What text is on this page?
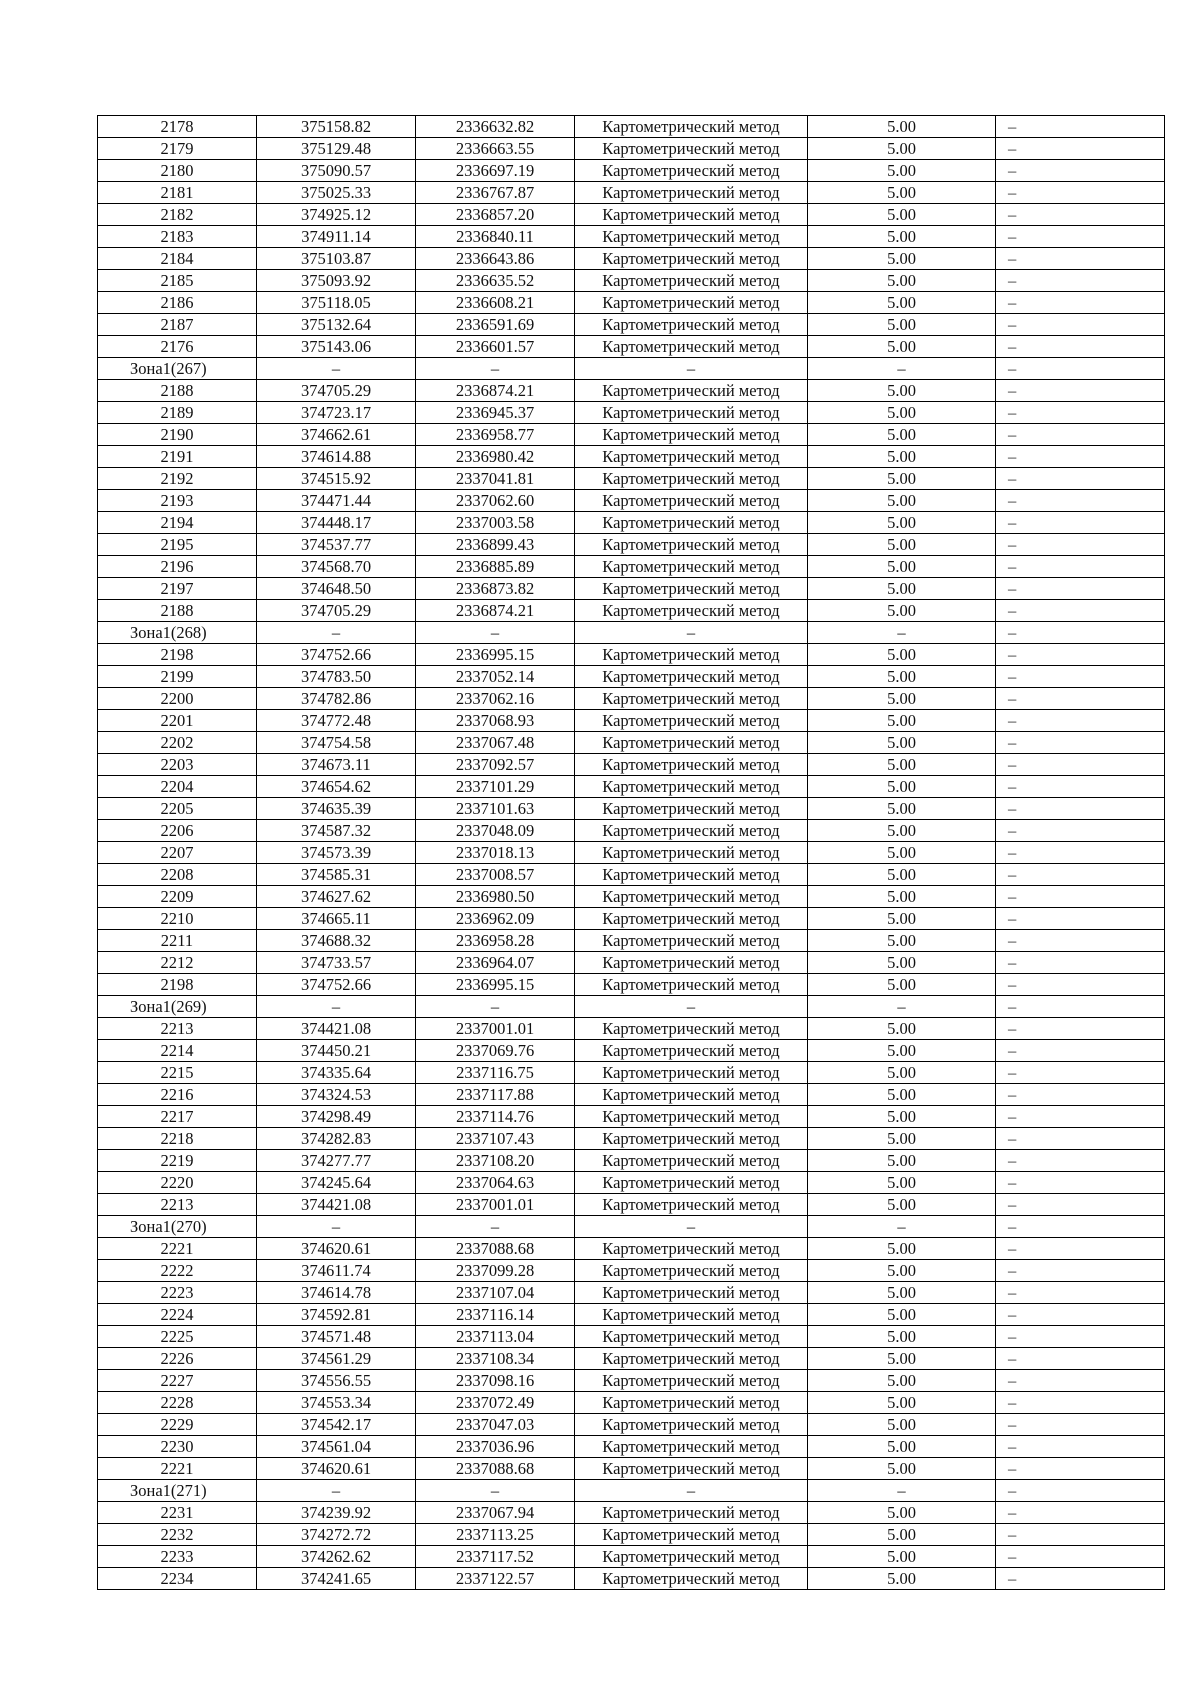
2178	375158.82	2336632.82	Картометрический метод	5.00	–
2179	375129.48	2336663.55	Картометрический метод	5.00	–
2180	375090.57	2336697.19	Картометрический метод	5.00	–
2181	375025.33	2336767.87	Картометрический метод	5.00	–
2182	374925.12	2336857.20	Картометрический метод	5.00	–
2183	374911.14	2336840.11	Картометрический метод	5.00	–
2184	375103.87	2336643.86	Картометрический метод	5.00	–
2185	375093.92	2336635.52	Картометрический метод	5.00	–
2186	375118.05	2336608.21	Картометрический метод	5.00	–
2187	375132.64	2336591.69	Картометрический метод	5.00	–
2176	375143.06	2336601.57	Картометрический метод	5.00	–
Зона1(267)	–	–	–	–	–
2188	374705.29	2336874.21	Картометрический метод	5.00	–
2189	374723.17	2336945.37	Картометрический метод	5.00	–
2190	374662.61	2336958.77	Картометрический метод	5.00	–
2191	374614.88	2336980.42	Картометрический метод	5.00	–
2192	374515.92	2337041.81	Картометрический метод	5.00	–
2193	374471.44	2337062.60	Картометрический метод	5.00	–
2194	374448.17	2337003.58	Картометрический метод	5.00	–
2195	374537.77	2336899.43	Картометрический метод	5.00	–
2196	374568.70	2336885.89	Картометрический метод	5.00	–
2197	374648.50	2336873.82	Картометрический метод	5.00	–
2188	374705.29	2336874.21	Картометрический метод	5.00	–
Зона1(268)	–	–	–	–	–
2198	374752.66	2336995.15	Картометрический метод	5.00	–
2199	374783.50	2337052.14	Картометрический метод	5.00	–
2200	374782.86	2337062.16	Картометрический метод	5.00	–
2201	374772.48	2337068.93	Картометрический метод	5.00	–
2202	374754.58	2337067.48	Картометрический метод	5.00	–
2203	374673.11	2337092.57	Картометрический метод	5.00	–
2204	374654.62	2337101.29	Картометрический метод	5.00	–
2205	374635.39	2337101.63	Картометрический метод	5.00	–
2206	374587.32	2337048.09	Картометрический метод	5.00	–
2207	374573.39	2337018.13	Картометрический метод	5.00	–
2208	374585.31	2337008.57	Картометрический метод	5.00	–
2209	374627.62	2336980.50	Картометрический метод	5.00	–
2210	374665.11	2336962.09	Картометрический метод	5.00	–
2211	374688.32	2336958.28	Картометрический метод	5.00	–
2212	374733.57	2336964.07	Картометрический метод	5.00	–
2198	374752.66	2336995.15	Картометрический метод	5.00	–
Зона1(269)	–	–	–	–	–
2213	374421.08	2337001.01	Картометрический метод	5.00	–
2214	374450.21	2337069.76	Картометрический метод	5.00	–
2215	374335.64	2337116.75	Картометрический метод	5.00	–
2216	374324.53	2337117.88	Картометрический метод	5.00	–
2217	374298.49	2337114.76	Картометрический метод	5.00	–
2218	374282.83	2337107.43	Картометрический метод	5.00	–
2219	374277.77	2337108.20	Картометрический метод	5.00	–
2220	374245.64	2337064.63	Картометрический метод	5.00	–
2213	374421.08	2337001.01	Картометрический метод	5.00	–
Зона1(270)	–	–	–	–	–
2221	374620.61	2337088.68	Картометрический метод	5.00	–
2222	374611.74	2337099.28	Картометрический метод	5.00	–
2223	374614.78	2337107.04	Картометрический метод	5.00	–
2224	374592.81	2337116.14	Картометрический метод	5.00	–
2225	374571.48	2337113.04	Картометрический метод	5.00	–
2226	374561.29	2337108.34	Картометрический метод	5.00	–
2227	374556.55	2337098.16	Картометрический метод	5.00	–
2228	374553.34	2337072.49	Картометрический метод	5.00	–
2229	374542.17	2337047.03	Картометрический метод	5.00	–
2230	374561.04	2337036.96	Картометрический метод	5.00	–
2221	374620.61	2337088.68	Картометрический метод	5.00	–
Зона1(271)	–	–	–	–	–
2231	374239.92	2337067.94	Картометрический метод	5.00	–
2232	374272.72	2337113.25	Картометрический метод	5.00	–
2233	374262.62	2337117.52	Картометрический метод	5.00	–
2234	374241.65	2337122.57	Картометрический метод	5.00	–
